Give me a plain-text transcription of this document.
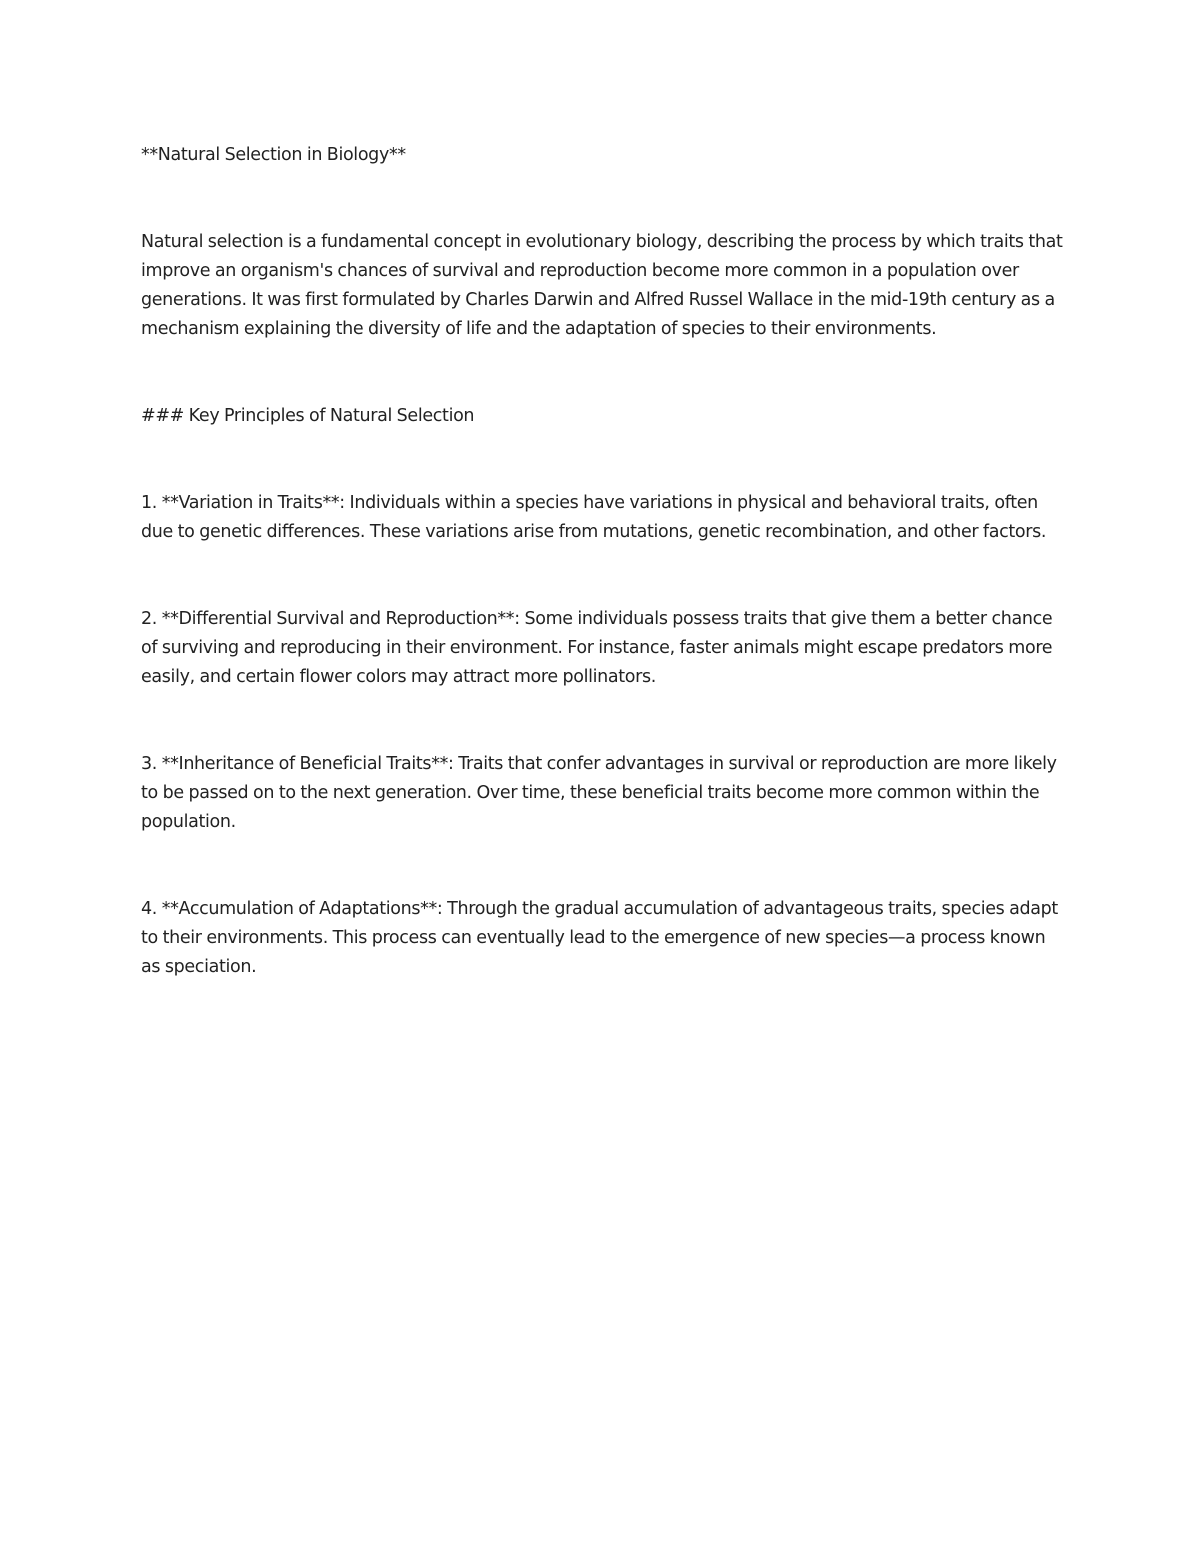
**Natural Selection in Biology**

Natural selection is a fundamental concept in evolutionary biology, describing the process by which traits that improve an organism's chances of survival and reproduction become more common in a population over generations. It was first formulated by Charles Darwin and Alfred Russel Wallace in the mid-19th century as a mechanism explaining the diversity of life and the adaptation of species to their environments.

### Key Principles of Natural Selection

1. **Variation in Traits**: Individuals within a species have variations in physical and behavioral traits, often due to genetic differences. These variations arise from mutations, genetic recombination, and other factors.

2. **Differential Survival and Reproduction**: Some individuals possess traits that give them a better chance of surviving and reproducing in their environment. For instance, faster animals might escape predators more easily, and certain flower colors may attract more pollinators.

3. **Inheritance of Beneficial Traits**: Traits that confer advantages in survival or reproduction are more likely to be passed on to the next generation. Over time, these beneficial traits become more common within the population.

4. **Accumulation of Adaptations**: Through the gradual accumulation of advantageous traits, species adapt to their environments. This process can eventually lead to the emergence of new species—a process known as speciation.
